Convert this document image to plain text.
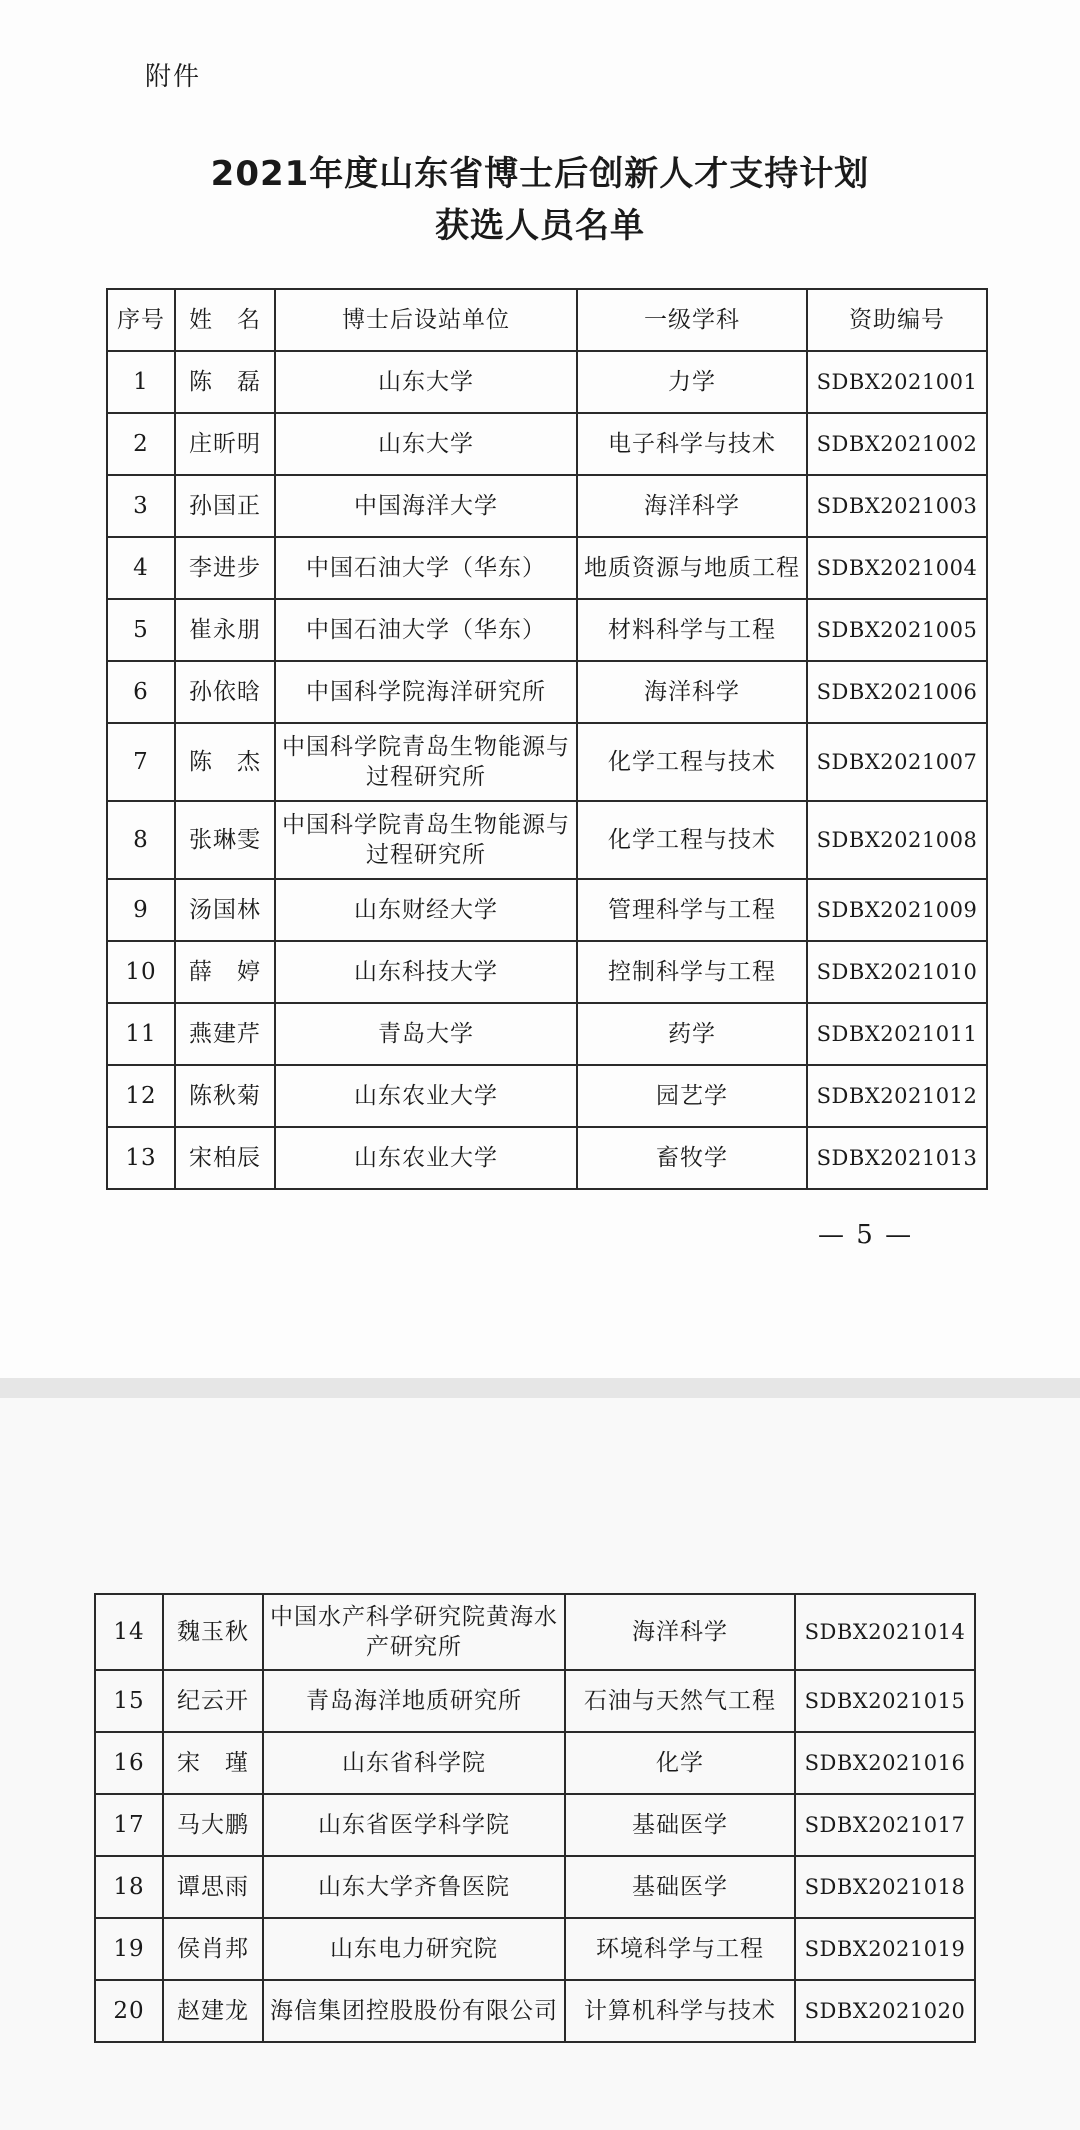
附件
2021年度山东省博士后创新人才支持计划
获选人员名单
序号	姓　名	博士后设站单位	一级学科	资助编号
1	陈　磊	山东大学	力学	SDBX2021001
2	庄昕明	山东大学	电子科学与技术	SDBX2021002
3	孙国正	中国海洋大学	海洋科学	SDBX2021003
4	李进步	中国石油大学（华东）	地质资源与地质工程	SDBX2021004
5	崔永朋	中国石油大学（华东）	材料科学与工程	SDBX2021005
6	孙依晗	中国科学院海洋研究所	海洋科学	SDBX2021006
7	陈　杰	中国科学院青岛生物能源与过程研究所	化学工程与技术	SDBX2021007
8	张琳雯	中国科学院青岛生物能源与过程研究所	化学工程与技术	SDBX2021008
9	汤国林	山东财经大学	管理科学与工程	SDBX2021009
10	薛　婷	山东科技大学	控制科学与工程	SDBX2021010
11	燕建芹	青岛大学	药学	SDBX2021011
12	陈秋菊	山东农业大学	园艺学	SDBX2021012
13	宋柏辰	山东农业大学	畜牧学	SDBX2021013
— 5 —
14	魏玉秋	中国水产科学研究院黄海水产研究所	海洋科学	SDBX2021014
15	纪云开	青岛海洋地质研究所	石油与天然气工程	SDBX2021015
16	宋　瑾	山东省科学院	化学	SDBX2021016
17	马大鹏	山东省医学科学院	基础医学	SDBX2021017
18	谭思雨	山东大学齐鲁医院	基础医学	SDBX2021018
19	侯肖邦	山东电力研究院	环境科学与工程	SDBX2021019
20	赵建龙	海信集团控股股份有限公司	计算机科学与技术	SDBX2021020
